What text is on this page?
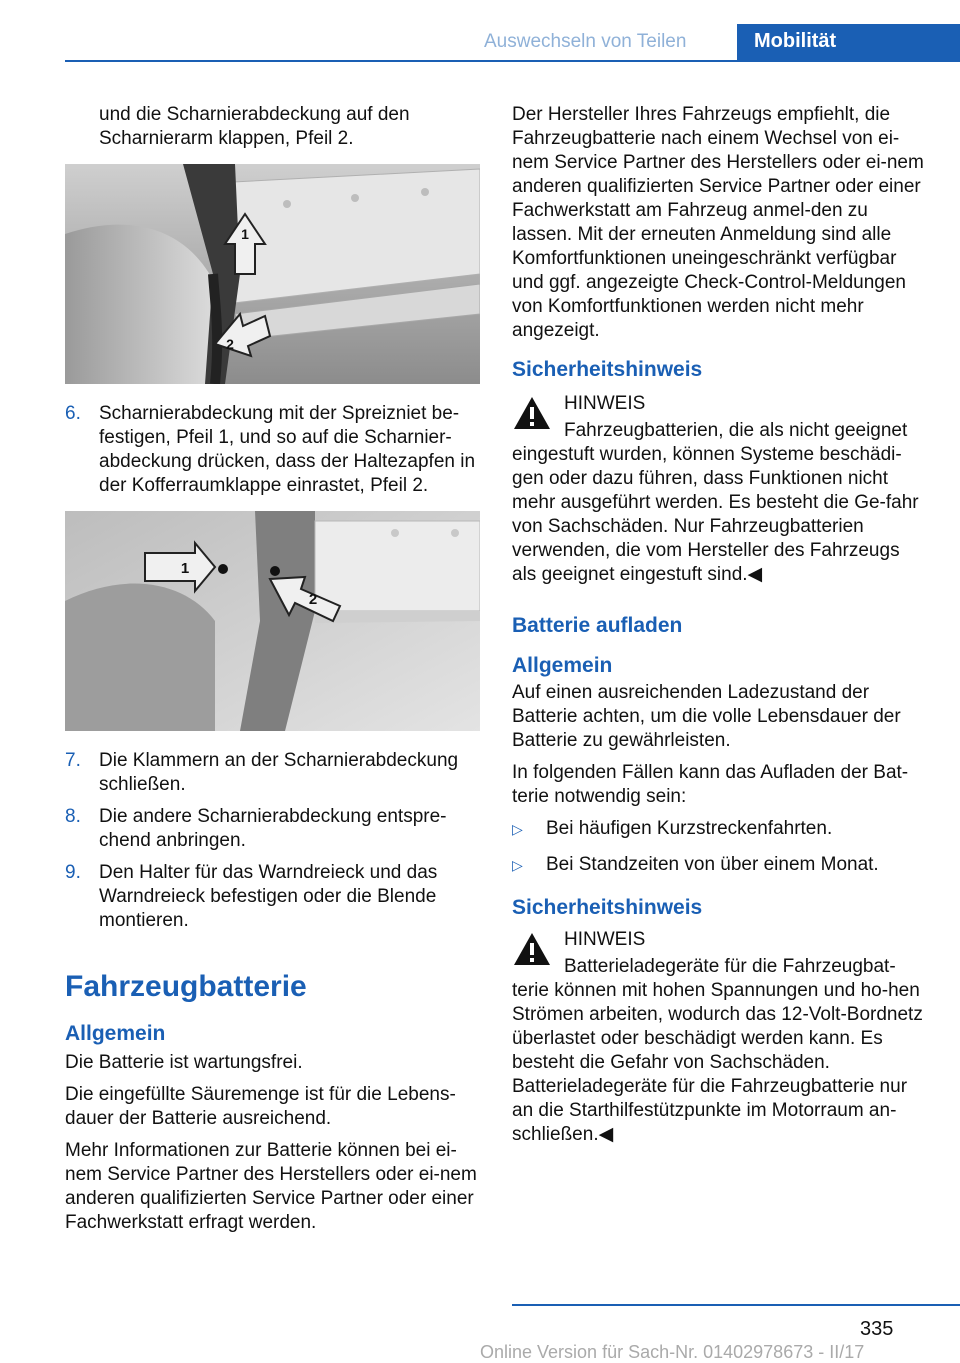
Auswechseln von Teilen	Mobilität

und die Scharnierabdeckung auf den Scharnierarm klappen, Pfeil 2.

1
2
6. Scharnierabdeckung mit der Spreizniet be-festigen, Pfeil 1, und so auf die Scharnier-abdeckung drücken, dass der Haltezapfen in der Kofferraumklappe einrastet, Pfeil 2.
1
2
7. Die Klammern an der Scharnierabdeckung schließen.
8. Die andere Scharnierabdeckung entspre-chend anbringen.
9. Den Halter für das Warndreieck und das Warndreieck befestigen oder die Blende montieren.
Fahrzeugbatterie
Allgemein

Die Batterie ist wartungsfrei.

Die eingefüllte Säuremenge ist für die Lebens-dauer der Batterie ausreichend.

Mehr Informationen zur Batterie können bei ei-nem Service Partner des Herstellers oder ei-nem anderen qualifizierten Service Partner oder einer Fachwerkstatt erfragt werden.

Der Hersteller Ihres Fahrzeugs empfiehlt, die Fahrzeugbatterie nach einem Wechsel von ei-nem Service Partner des Herstellers oder ei-nem anderen qualifizierten Service Partner oder einer Fachwerkstatt am Fahrzeug anmel-den zu lassen. Mit der erneuten Anmeldung sind alle Komfortfunktionen uneingeschränkt verfügbar und ggf. angezeigte Check-Control-Meldungen von Komfortfunktionen werden nicht mehr angezeigt.

Sicherheitshinweis
HINWEIS
Fahrzeugbatterien, die als nicht geeignet
eingestuft wurden, können Systeme beschädi-gen oder dazu führen, dass Funktionen nicht mehr ausgeführt werden. Es besteht die Ge-fahr von Sachschäden. Nur Fahrzeugbatterien verwenden, die vom Hersteller des Fahrzeugs als geeignet eingestuft sind.◀
Batterie aufladen
Allgemein

Auf einen ausreichenden Ladezustand der Batterie achten, um die volle Lebensdauer der Batterie zu gewährleisten.

In folgenden Fällen kann das Aufladen der Bat-terie notwendig sein:

▷ Bei häufigen Kurzstreckenfahrten.
▷ Bei Standzeiten von über einem Monat.
Sicherheitshinweis
HINWEIS
Batterieladegeräte für die Fahrzeugbat-
terie können mit hohen Spannungen und ho-hen Strömen arbeiten, wodurch das 12-Volt-Bordnetz überlastet oder beschädigt werden kann. Es besteht die Gefahr von Sachschäden. Batterieladegeräte für die Fahrzeugbatterie nur an die Starthilfestützpunkte im Motorraum an-schließen.◀
335
Online Version für Sach-Nr. 01402978673 - II/17
